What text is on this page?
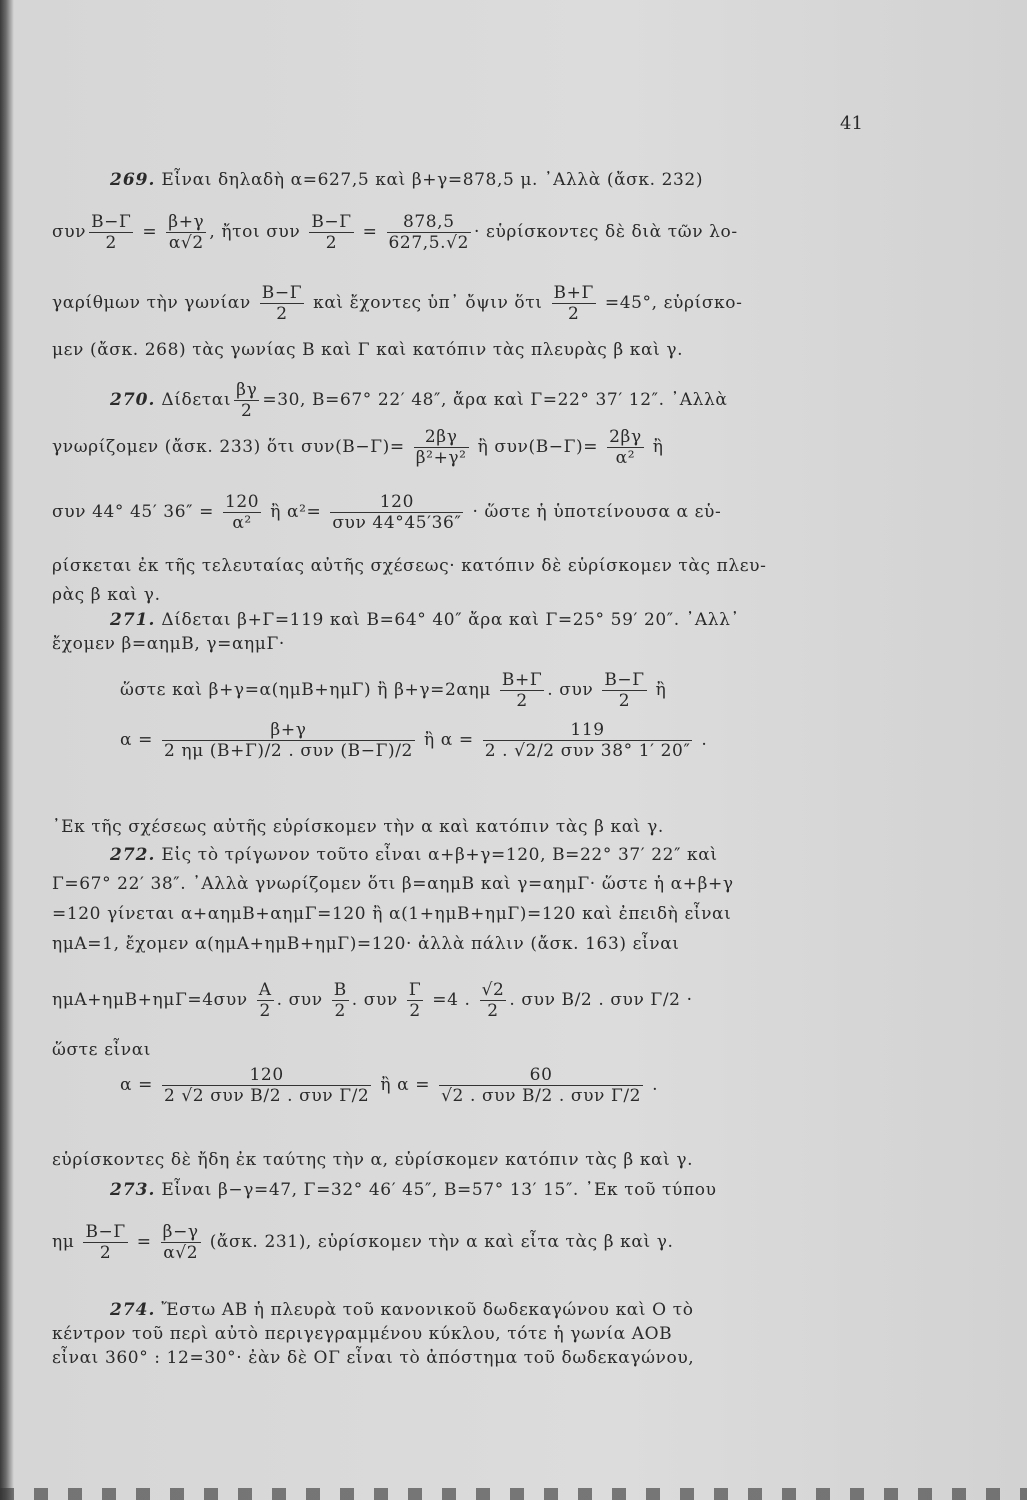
41
269. Εἶναι δηλαδὴ α=627,5 καὶ β+γ=878,5 μ. ᾿Αλλὰ (ἄσκ. 232)
συν $\frac{B-\Gamma}{2} = \frac{\beta+\gamma}{\alpha√2}$ , ἤτοι συν $\frac{B-\Gamma}{2} = \frac{878,5}{627,5.√2}$ · εὑρίσκοντες δὲ διὰ τῶν λο-
γαρίθμων τὴν γωνίαν $\frac{B-\Gamma}{2}$ καὶ ἔχοντες ὑπ᾿ ὄψιν ὅτι $\frac{B+\Gamma}{2} =45^\circ$, εὑρίσκο-
μεν (ἄσκ. 268) τὰς γωνίας Β καὶ Γ καὶ κατόπιν τὰς πλευρὰς β καὶ γ.
270. Δίδεται $\frac{\beta\gamma}{2} =30$, Β=67° 22′ 48″, ἄρα καὶ Γ=22° 37′ 12″. ᾿Αλλὰ
γνωρίζομεν (ἄσκ. 233) ὅτι $\sigma\upsilon\nu(B-\Gamma)= \frac{2\beta\gamma}{\text{β²+γ²}}$ ἢ $\sigma\upsilon\nu(B-\Gamma)= \frac{2\beta\gamma}{\text{α²}}$ ἢ
συν 44° 45′ $36'' = \frac{120}{\text{α²}}$ ἢ α²=	120
συν 44°45′36″
· ὥστε ἡ ὑποτείνουσα α εὑ-
ρίσκεται ἐκ τῆς τελευταίας αὐτῆς σχέσεως· κατόπιν δὲ εὑρίσκομεν τὰς πλευ-
ρὰς β καὶ γ.
271. Δίδεται β+Γ=119 καὶ Β=64° 40″ ἄρα καὶ Γ=25° 59′ 20″. ᾿Αλλ᾿
ἔχομεν β=αημΒ, γ=αημΓ·
ὥστε καὶ β+γ=α(ημΒ+ημΓ) ἢ $\beta+\gamma=2\alpha\eta\mu \frac{B+\Gamma}{2}$ . συν $\frac{B-\Gamma}{2}$ ἢ
α =	β+γ
2 ημ (Β+Γ)/2 . συν (Β−Γ)/2
ἢ α =	119
2 . √2/2 συν 38° 1′ 20″
.
᾿Εκ τῆς σχέσεως αὐτῆς εὑρίσκομεν τὴν α καὶ κατόπιν τὰς β καὶ γ.
272. Εἰς τὸ τρίγωνον τοῦτο εἶναι α+β+γ=120, Β=22° 37′ 22″ καὶ
Γ=67° 22′ 38″. ᾿Αλλὰ γνωρίζομεν ὅτι β=αημΒ καὶ γ=αημΓ· ὥστε ἡ α+β+γ
=120 γίνεται α+αημΒ+αημΓ=120 ἢ α(1+ημΒ+ημΓ)=120 καὶ ἐπειδὴ εἶναι
ημΑ=1, ἔχομεν α(ημΑ+ημΒ+ημΓ)=120· ἀλλὰ πάλιν (ἄσκ. 163) εἶναι
$\eta\mu A+\eta\mu B+\eta\mu\Gamma=4\sigma\upsilon\nu \frac{A}{2}$ . συν $\frac{B}{2}$ . συν $\frac{\Gamma}{2} =4$ . $\frac{√2}{2}$ . συν Β/2 . συν Γ/2 ·
ὥστε εἶναι
α =	120
2 √2 συν Β/2 . συν Γ/2
ἢ α =	60
√2 . συν Β/2 . συν Γ/2
.
εὑρίσκοντες δὲ ἤδη ἐκ ταύτης τὴν α, εὑρίσκομεν κατόπιν τὰς β καὶ γ.
273. Εἶναι β−γ=47, Γ=32° 46′ 45″, Β=57° 13′ 15″. ᾿Εκ τοῦ τύπου
ημ $\frac{B-\Gamma}{2} = \frac{\beta-\gamma}{\alpha√2}$ (ἄσκ. 231), εὑρίσκομεν τὴν α καὶ εἶτα τὰς β καὶ γ.
274. Ἔστω ΑΒ ἡ πλευρὰ τοῦ κανονικοῦ δωδεκαγώνου καὶ Ο τὸ
κέντρον τοῦ περὶ αὐτὸ περιγεγραμμένου κύκλου, τότε ἡ γωνία ΑΟΒ
εἶναι 360° : 12=30°· ἐὰν δὲ ΟΓ εἶναι τὸ ἀπόστημα τοῦ δωδεκαγώνου,
